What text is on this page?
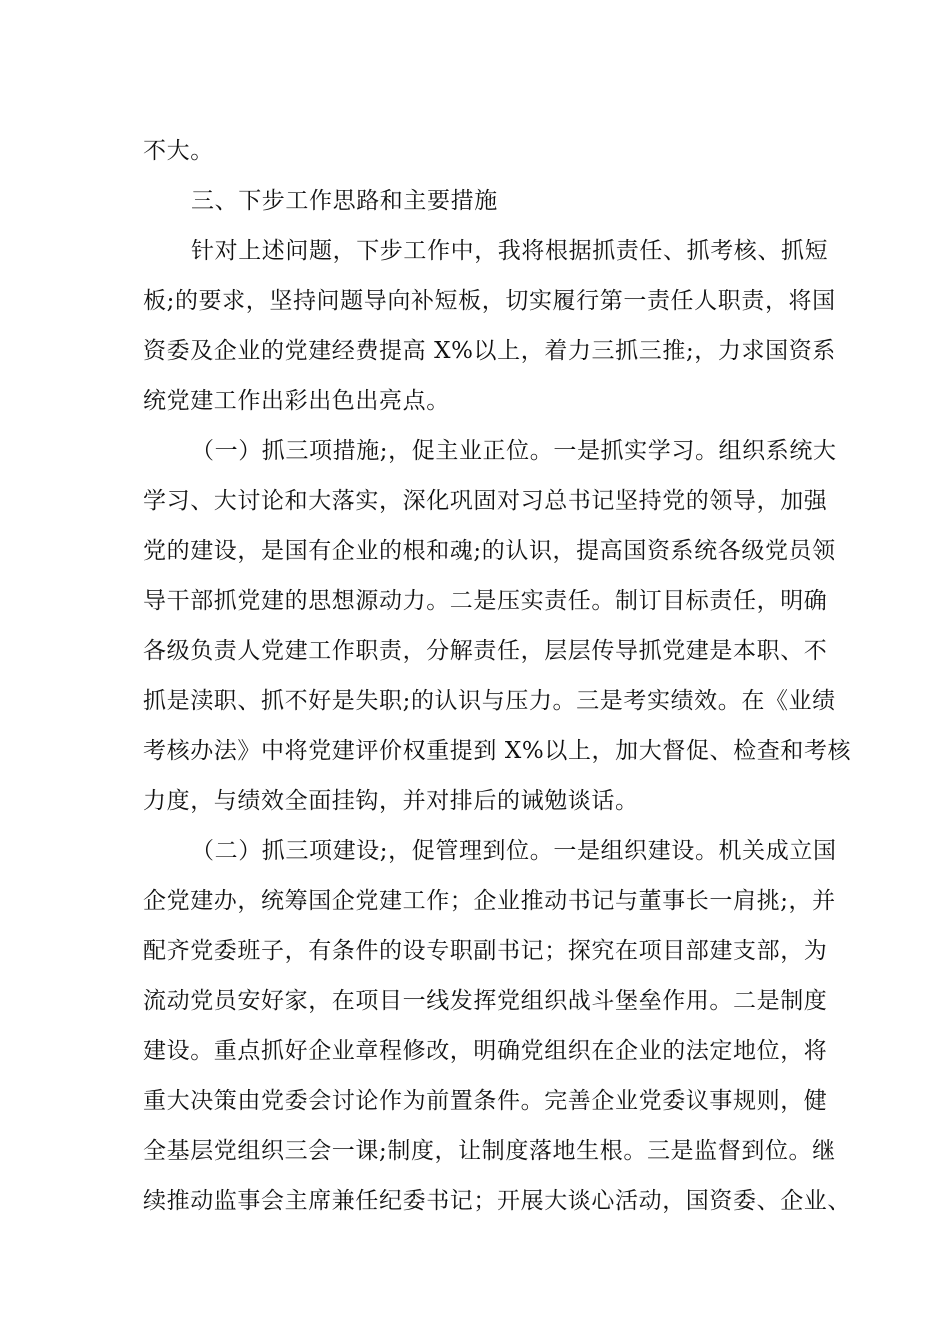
不大。
三、下步工作思路和主要措施
针对上述问题，下步工作中，我将根据抓责任、抓考核、抓短
板;的要求，坚持问题导向补短板，切实履行第一责任人职责，将国
资委及企业的党建经费提高 X%以上，着力三抓三推;，力求国资系
统党建工作出彩出色出亮点。
（一）抓三项措施;，促主业正位。一是抓实学习。组织系统大
学习、大讨论和大落实，深化巩固对习总书记坚持党的领导，加强
党的建设，是国有企业的根和魂;的认识，提高国资系统各级党员领
导干部抓党建的思想源动力。二是压实责任。制订目标责任，明确
各级负责人党建工作职责，分解责任，层层传导抓党建是本职、不
抓是渎职、抓不好是失职;的认识与压力。三是考实绩效。在《业绩
考核办法》中将党建评价权重提到 X%以上，加大督促、检查和考核
力度，与绩效全面挂钩，并对排后的诫勉谈话。
（二）抓三项建设;，促管理到位。一是组织建设。机关成立国
企党建办，统筹国企党建工作；企业推动书记与董事长一肩挑;，并
配齐党委班子，有条件的设专职副书记；探究在项目部建支部，为
流动党员安好家，在项目一线发挥党组织战斗堡垒作用。二是制度
建设。重点抓好企业章程修改，明确党组织在企业的法定地位，将
重大决策由党委会讨论作为前置条件。完善企业党委议事规则，健
全基层党组织三会一课;制度，让制度落地生根。三是监督到位。继
续推动监事会主席兼任纪委书记；开展大谈心活动，国资委、企业、
